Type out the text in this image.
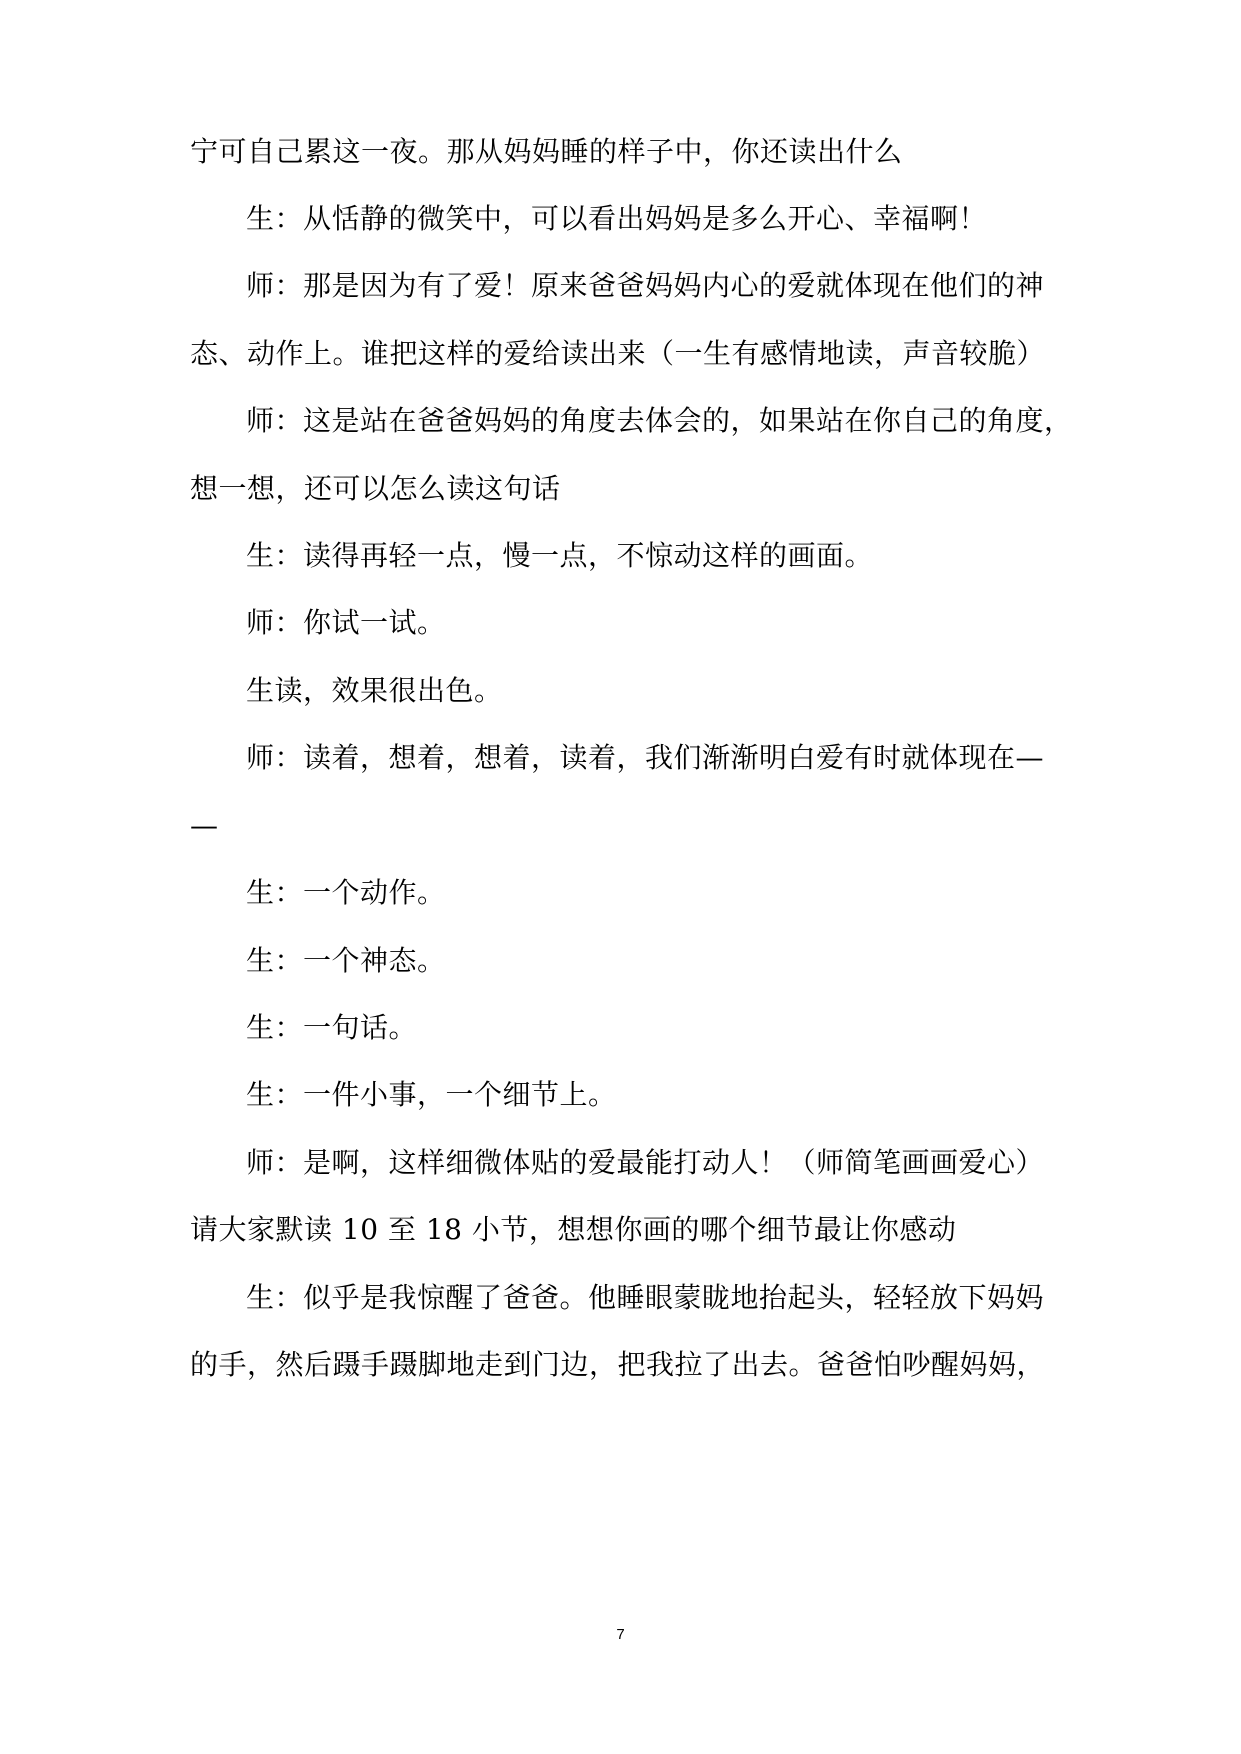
宁可自己累这一夜。那从妈妈睡的样子中，你还读出什么
生：从恬静的微笑中，可以看出妈妈是多么开心、幸福啊！
师：那是因为有了爱！原来爸爸妈妈内心的爱就体现在他们的神
态、动作上。谁把这样的爱给读出来（一生有感情地读，声音较脆）
师：这是站在爸爸妈妈的角度去体会的，如果站在你自己的角度，
想一想，还可以怎么读这句话
生：读得再轻一点，慢一点，不惊动这样的画面。
师：你试一试。
生读，效果很出色。
师：读着，想着，想着，读着，我们渐渐明白爱有时就体现在—
—
生：一个动作。
生：一个神态。
生：一句话。
生：一件小事，一个细节上。
师：是啊，这样细微体贴的爱最能打动人！（师简笔画画爱心）
请大家默读 10 至 18 小节，想想你画的哪个细节最让你感动
生：似乎是我惊醒了爸爸。他睡眼蒙眬地抬起头，轻轻放下妈妈
的手，然后蹑手蹑脚地走到门边，把我拉了出去。爸爸怕吵醒妈妈，
7
